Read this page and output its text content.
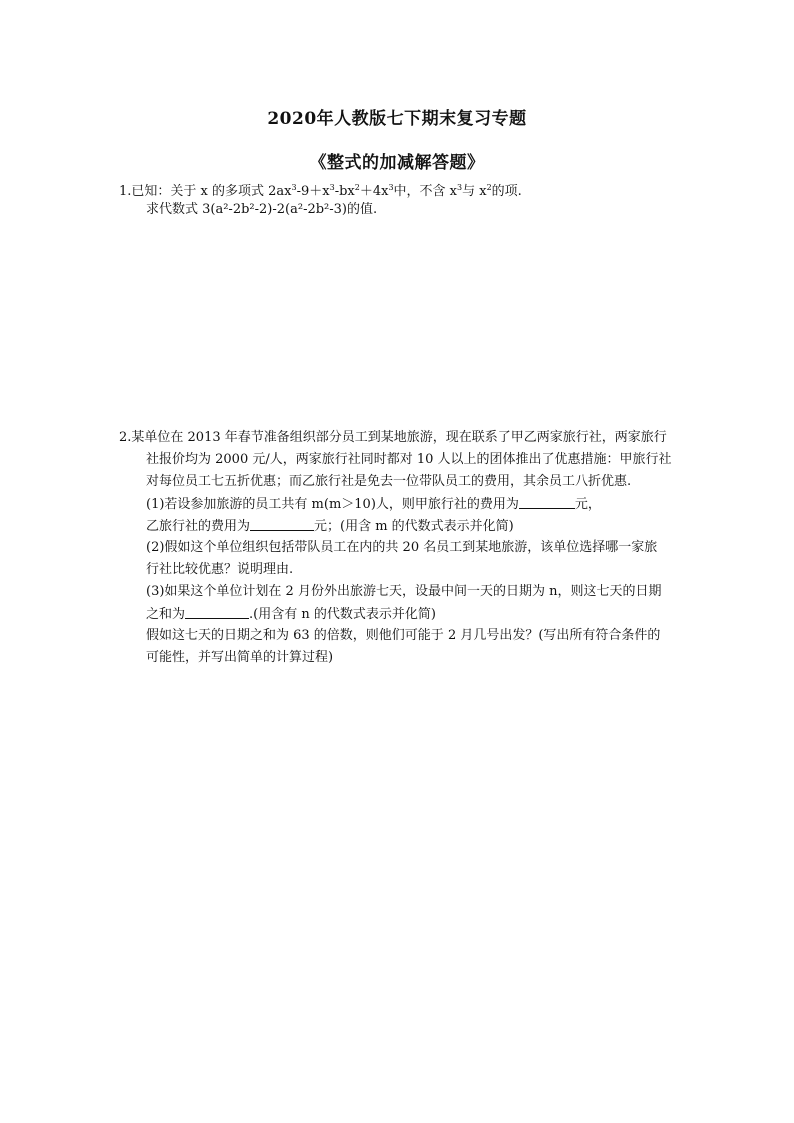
2020年人教版七下期末复习专题
《整式的加减解答题》
1.已知：关于 x 的多项式 $2ax^3-9+x^3-bx^2+4x^3$中，不含 $x^3$与 $x^2$的项.
求代数式 3(a²-2b²-2)-2(a²-2b²-3)的值.
2.某单位在 2013 年春节准备组织部分员工到某地旅游，现在联系了甲乙两家旅行社，两家旅行
社报价均为 2000 元/人，两家旅行社同时都对 10 人以上的团体推出了优惠措施：甲旅行社
对每位员工七五折优惠；而乙旅行社是免去一位带队员工的费用，其余员工八折优惠.
(1)若设参加旅游的员工共有 m(m＞10)人，则甲旅行社的费用为	元，
乙旅行社的费用为	元；(用含 m 的代数式表示并化简)
(2)假如这个单位组织包括带队员工在内的共 20 名员工到某地旅游，该单位选择哪一家旅
行社比较优惠？说明理由.
(3)如果这个单位计划在 2 月份外出旅游七天，设最中间一天的日期为 n，则这七天的日期
之和为	.(用含有 n 的代数式表示并化简)
假如这七天的日期之和为 63 的倍数，则他们可能于 2 月几号出发？(写出所有符合条件的
可能性，并写出简单的计算过程)
